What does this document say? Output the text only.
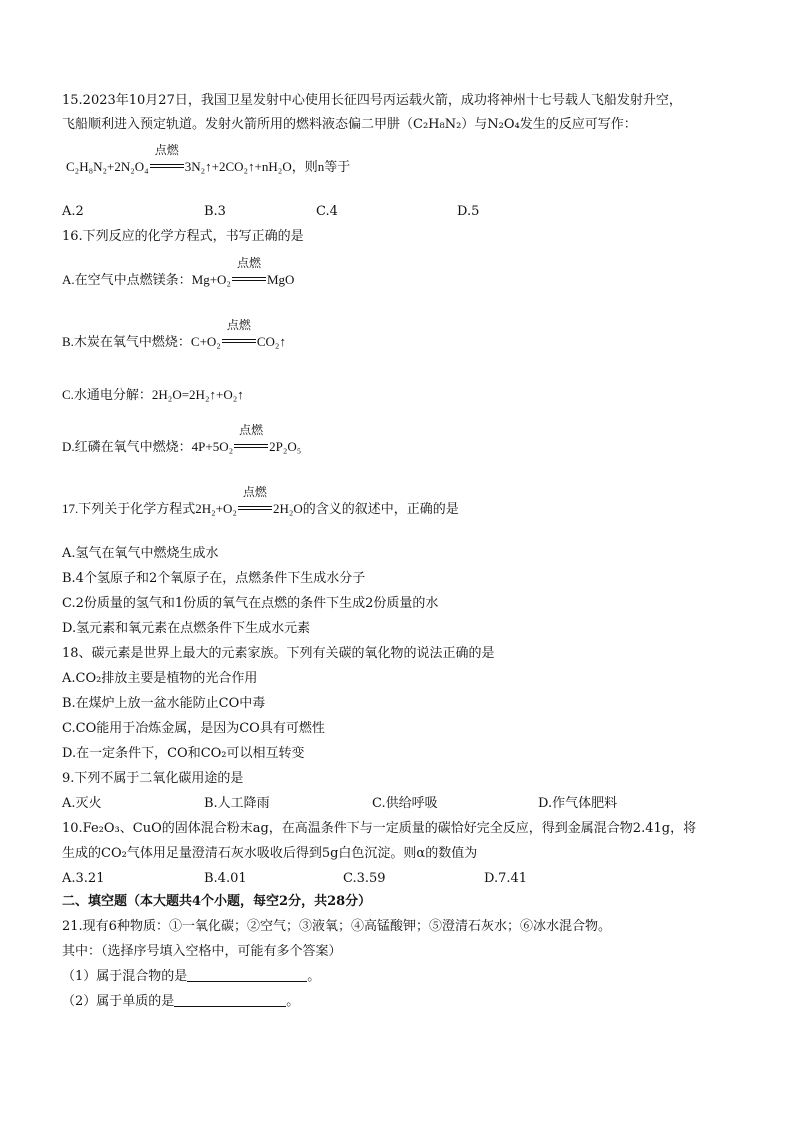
15.2023年10月27日，我国卫星发射中心使用长征四号丙运载火箭，成功将神州十七号载人飞船发射升空，
飞船顺利进入预定轨道。发射火箭所用的燃料液态偏二甲肼（C₂H₈N₂）与N₂O₄发生的反应可写作：
C₂H₈N₂+2N₂O₄
点燃
3N₂↑+2CO₂↑+nH₂O，则n等于
A.2	B.3	C.4	D.5
16.下列反应的化学方程式，书写正确的是
A.在空气中点燃镁条：Mg+O₂
点燃
MgO
B.木炭在氧气中燃烧：C+O₂
点燃
CO₂↑
C.水通电分解：2H₂O=2H₂↑+O₂↑
D.红磷在氧气中燃烧：4P+5O₂
点燃
2P₂O₅
17.下列关于化学方程式2H₂+O₂
点燃
2H₂O的含义的叙述中，正确的是
A.氢气在氧气中燃烧生成水
B.4个氢原子和2个氧原子在，点燃条件下生成水分子
C.2份质量的氢气和1份质的氧气在点燃的条件下生成2份质量的水
D.氢元素和氧元素在点燃条件下生成水元素
18、碳元素是世界上最大的元素家族。下列有关碳的氧化物的说法正确的是
A.CO₂排放主要是植物的光合作用
B.在煤炉上放一盆水能防止CO中毒
C.CO能用于冶炼金属，是因为CO具有可燃性
D.在一定条件下，CO和CO₂可以相互转变
9.下列不属于二氧化碳用途的是
A.灭火	B.人工降雨	C.供给呼吸	D.作气体肥料
10.Fe₂O₃、CuO的固体混合粉末ag，在高温条件下与一定质量的碳恰好完全反应，得到金属混合物2.41g，将
生成的CO₂气体用足量澄清石灰水吸收后得到5g白色沉淀。则α的数值为
A.3.21	B.4.01	C.3.59	D.7.41
二、填空题（本大题共4个小题，每空2分，共28分）
21.现有6种物质：①一氧化碳；②空气；③液氧；④高锰酸钾；⑤澄清石灰水；⑥冰水混合物。
其中：（选择序号填入空格中，可能有多个答案）
（1）属于混合物的是	。
（2）属于单质的是	。
